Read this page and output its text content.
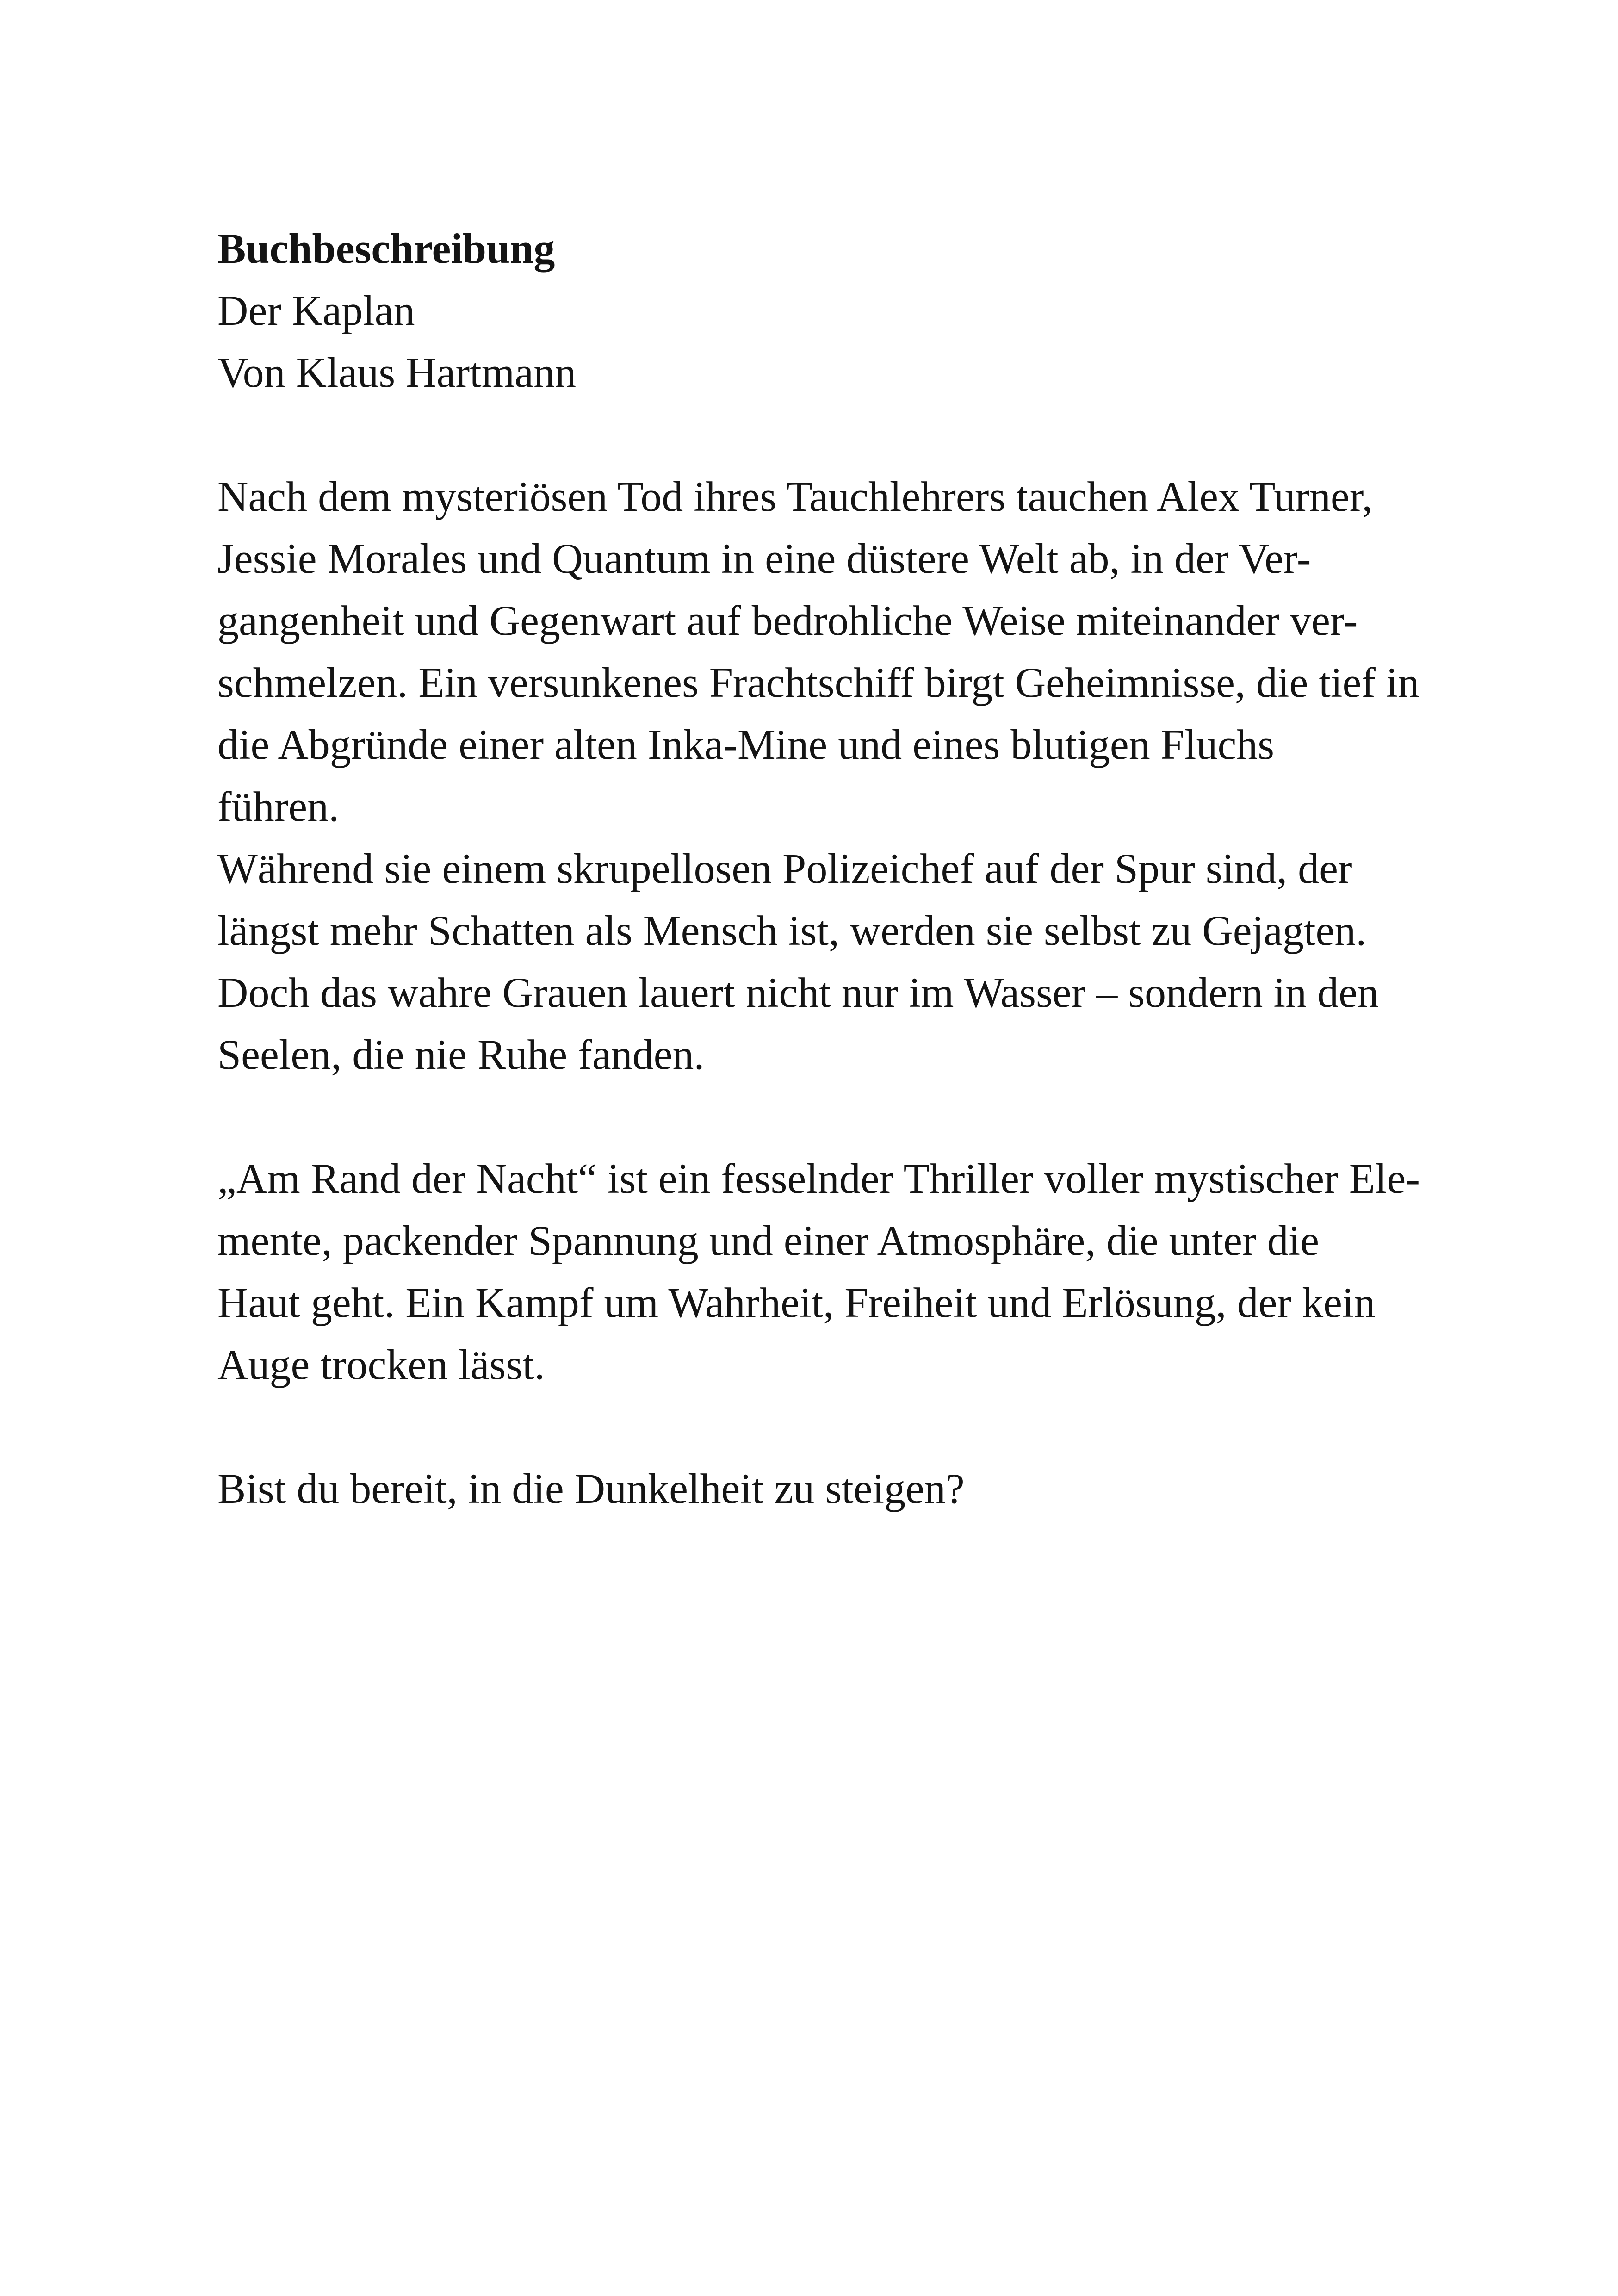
Buchbeschreibung
Der Kaplan
Von Klaus Hartmann
Nach dem mysteriösen Tod ihres Tauchlehrers tauchen Alex Turner,
Jessie Morales und Quantum in eine düstere Welt ab, in der Ver-
gangenheit und Gegenwart auf bedrohliche Weise miteinander ver-
schmelzen. Ein versunkenes Frachtschiff birgt Geheimnisse, die tief in
die Abgründe einer alten Inka-Mine und eines blutigen Fluchs
führen.
Während sie einem skrupellosen Polizeichef auf der Spur sind, der
längst mehr Schatten als Mensch ist, werden sie selbst zu Gejagten.
Doch das wahre Grauen lauert nicht nur im Wasser – sondern in den
Seelen, die nie Ruhe fanden.
„Am Rand der Nacht“ ist ein fesselnder Thriller voller mystischer Ele-
mente, packender Spannung und einer Atmosphäre, die unter die
Haut geht. Ein Kampf um Wahrheit, Freiheit und Erlösung, der kein
Auge trocken lässt.
Bist du bereit, in die Dunkelheit zu steigen?
